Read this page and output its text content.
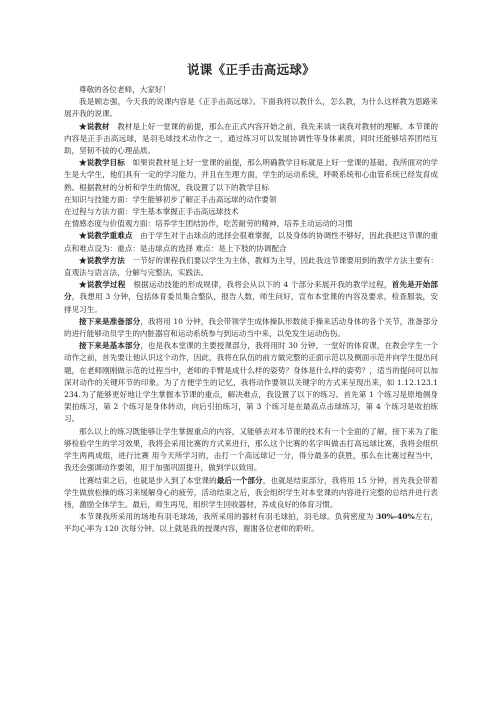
说课《正手击高远球》

尊敬的各位老师，大家好！

我是顾志强，今天我的说课内容是《正手击高远球》。下面我将以教什么，怎么教，为什么这样教为思路来展开我的说课。

★说教材　教材是上好一堂课的前提，那么在正式内容开始之前，我先来谈一谈我对教材的理解。本节课的内容是正手击高远球，是羽毛球技术动作之一，通过练习可以发展协调性等身体素质，同时还能够培养团结互助，坚韧不拔的心理品质。

★说教学目标　如果说教材是上好一堂课的前提，那么明确教学目标就是上好一堂课的基础。我所面对的学生是大学生，他们具有一定的学习能力，并且在生理方面，学生的运动系统，呼吸系统和心血管系统已经发育成熟。根据教材的分析和学生的情况，我设置了以下的教学目标

在知识与技能方面：学生能够初步了解正手击高远球的动作要领

在过程与方法方面：学生基本掌握正手击高远球技术

在情感态度与价值观方面：培养学生团结协作，吃苦耐劳的精神，培养主动运动的习惯

★说教学重难点　由于学生对于击球点的选择会很难掌握，以及身体的协调性不够好，因此我把这节课的重点和难点设为：重点：是击球点的选择 难点：是上下肢的协调配合

★说教学方法　一节好的课程我们要以学生为主体，教师为主导，因此我这节课要用到的教学方法主要有：直观法与语言法，分解与完整法，实践法。

★说教学过程　根据运动技能的形成规律，我将会从以下的 4 个部分来展开我的教学过程，首先是开始部分，我想用 3 分钟，包括体育委员集合整队，报告人数，师生问好，宣布本堂课的内容及要求，检查服装，安排见习生。

接下来是准备部分，我将用 10 分钟，我会带领学生成体操队形数徒手操来活动身体的各个关节，准备部分的进行能够动员学生的内脏器官和运动系统参与到运动当中来，以免发生运动伤伤。

接下来是基本部分，也是我本堂课的主要授课部分，我将用时 30 分钟，一堂好的体育课，在教会学生一个动作之前，首先要让他认识这个动作，因此，我将在队伍的前方做完整的正面示范以及侧面示范并向学生提出问题，在老师刚刚做示范的过程当中，老师的手臂是成什么样的姿势？身体是什么样的姿势？，适当的提问可以加深对动作的关键环节的印象。为了方便学生的记忆，我将动作要领以关键字的方式来呈现出来，如 1.12.123.1234.为了能够更好地让学生掌握本节课的重点，解决难点，我设置了以下的练习。首先第 1 个练习是原地侧身架拍练习，第 2 个练习是身体转动，向后引拍练习，第 3 个练习是在最高点击球练习，第 4 个练习是收拍练习。

那么以上的练习既能够让学生掌握重点的内容，又能够去对本节课的技术有一个全面的了解，接下来为了能够检验学生的学习效果，我将会采用比赛的方式来进行，那么这个比赛的名字叫做击打高远球比赛，我将会组织学生两两成组，进行比赛 用今天所学习的，击打一个高远球记一分，得分最多的获胜，那么在比赛过程当中，我还会强调动作要领，用于加强巩固提升，做到学以致用。

比赛结束之后，也就是步入到了本堂课的最后一个部分，也就是结束部分，我将用 15 分钟，首先我会带着学生做放松操的练习来缓解身心的疲劳，活动结束之后，我会组织学生对本堂课的内容进行完整的总结并进行表扬，激励全体学生。最后，师生再见，组织学生回收器材，养成良好的体育习惯。

本节课我所采用的场地有羽毛球场，我所采用的器材有羽毛球拍，羽毛球。负荷密度为 30%-40%左右，平均心率为 120 次每分钟。以上就是我的授课内容，谢谢各位老师的聆听。
